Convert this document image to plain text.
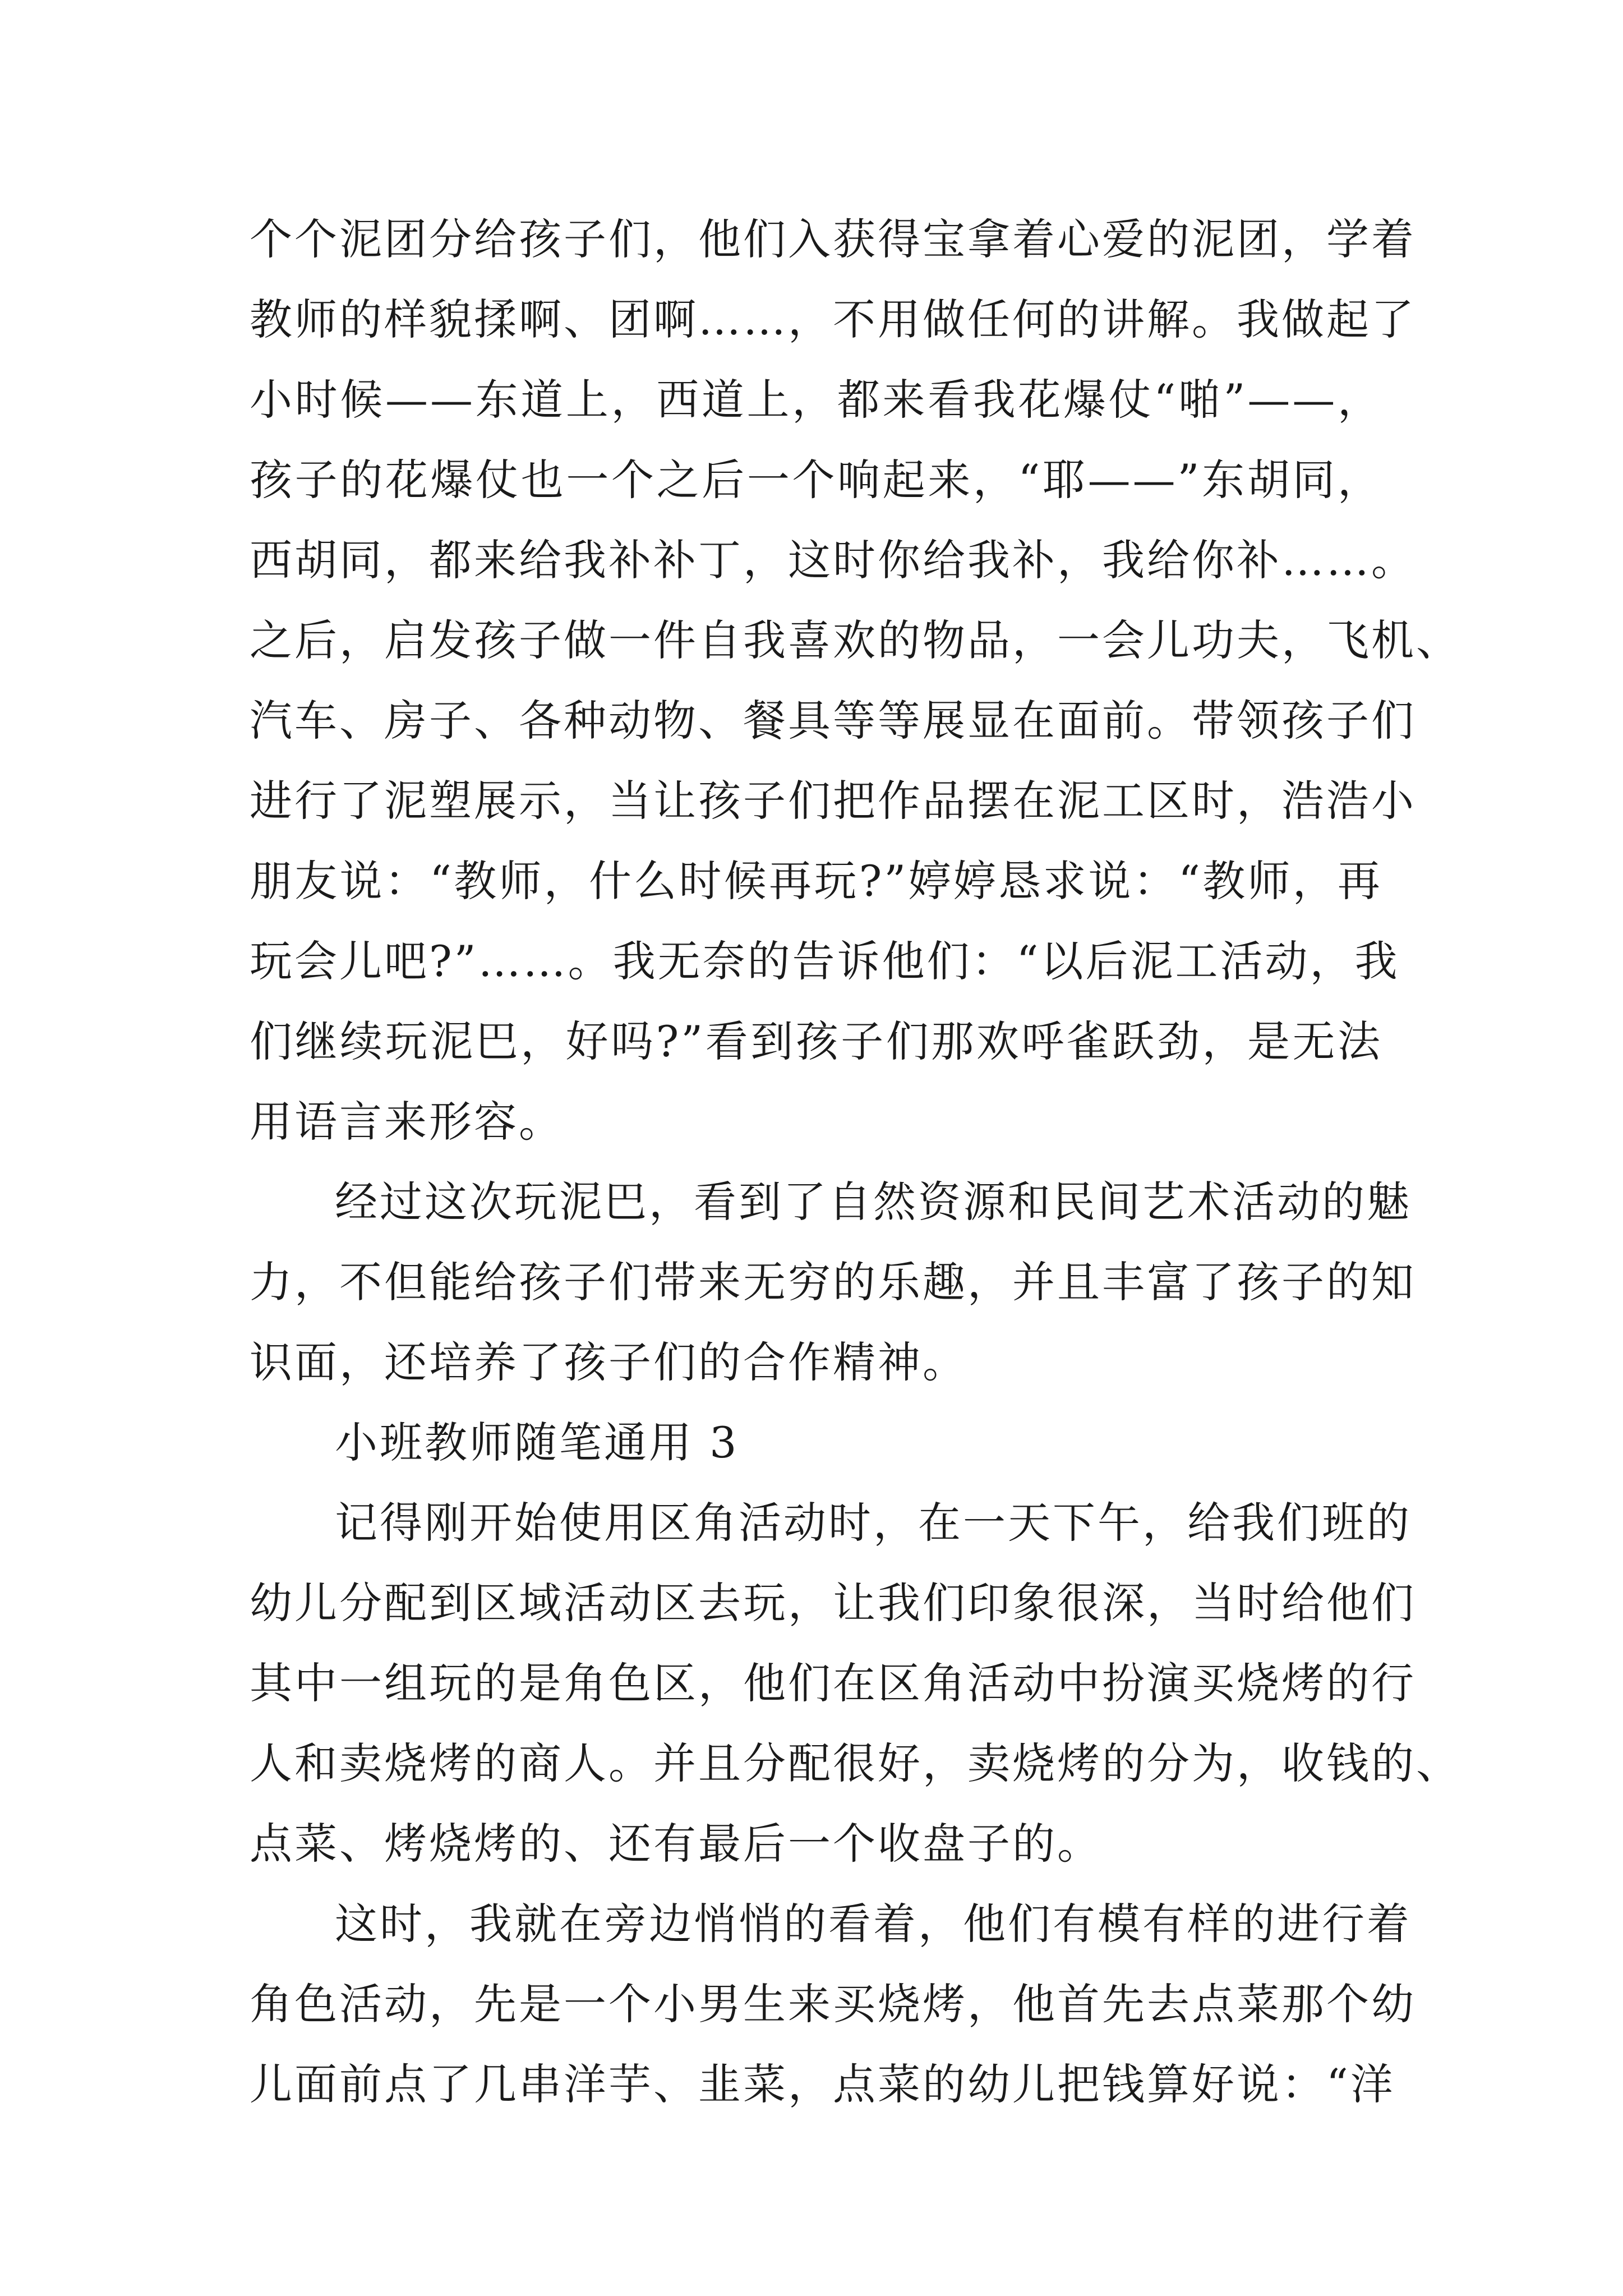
个个泥团分给孩子们，他们入获得宝拿着心爱的泥团，学着
教师的样貌揉啊、团啊……，不用做任何的讲解。我做起了
小时候——东道上，西道上，都来看我花爆仗“啪”——，
孩子的花爆仗也一个之后一个响起来，“耶——”东胡同，
西胡同，都来给我补补丁，这时你给我补，我给你补……。
之后，启发孩子做一件自我喜欢的物品，一会儿功夫，飞机、
汽车、房子、各种动物、餐具等等展显在面前。带领孩子们
进行了泥塑展示，当让孩子们把作品摆在泥工区时，浩浩小
朋友说：“教师，什么时候再玩?”婷婷恳求说：“教师，再
玩会儿吧?”……。我无奈的告诉他们：“以后泥工活动，我
们继续玩泥巴，好吗?”看到孩子们那欢呼雀跃劲，是无法
用语言来形容。
经过这次玩泥巴，看到了自然资源和民间艺术活动的魅
力，不但能给孩子们带来无穷的乐趣，并且丰富了孩子的知
识面，还培养了孩子们的合作精神。
小班教师随笔通用 3
记得刚开始使用区角活动时，在一天下午，给我们班的
幼儿分配到区域活动区去玩，让我们印象很深，当时给他们
其中一组玩的是角色区，他们在区角活动中扮演买烧烤的行
人和卖烧烤的商人。并且分配很好，卖烧烤的分为，收钱的、
点菜、烤烧烤的、还有最后一个收盘子的。
这时，我就在旁边悄悄的看着，他们有模有样的进行着
角色活动，先是一个小男生来买烧烤，他首先去点菜那个幼
儿面前点了几串洋芋、韭菜，点菜的幼儿把钱算好说：“洋
